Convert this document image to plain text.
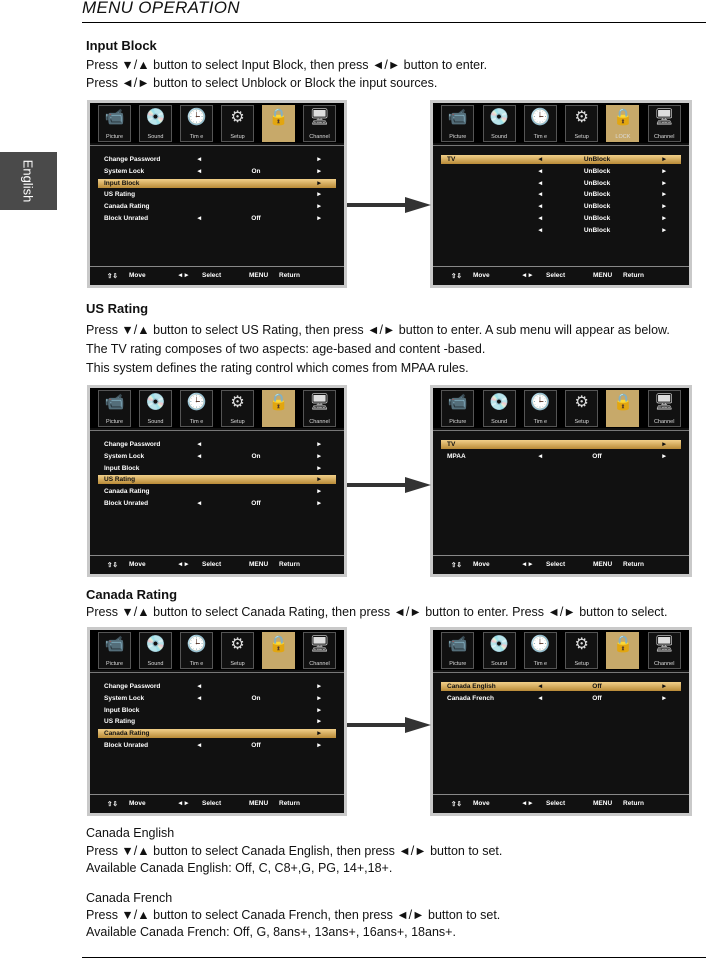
MENU OPERATION
English
Input Block
Press ▼/▲ button to select Input Block, then press ◄/► button to enter.
Press ◄/► button to select Unblock or Block the input sources.
US Rating
Press ▼/▲ button to select US Rating, then press ◄/► button to enter. A sub menu will appear as below.
The TV rating composes of two aspects: age-based and content -based.
This system defines the rating control which comes from MPAA rules.
Canada Rating
Press ▼/▲ button to select Canada Rating, then press ◄/► button to enter. Press ◄/► button to select.
Canada English
Press ▼/▲ button to select Canada English, then press ◄/► button to set.
Available Canada English: Off, C, C8+,G, PG, 14+,18+.
Canada French
Press ▼/▲ button to select Canada French, then press ◄/► button to set.
Available Canada French: Off, G, 8ans+, 13ans+, 16ans+, 18ans+.
📹
Picture
💿
Sound
🕒
Tim e
⚙
Setup
🔒 🖥
Channel
Change Password	◄	►
System Lock	◄	On	►
Input Block	►
US Rating	►
Canada Rating	►
Block Unrated	◄	Off	►
⇧⇩ Move	◄► Select	MENU Return
📹
Picture
💿
Sound
🕒
Tim e
⚙
Setup
🔒
LOCK
🖥
Channel
TV	◄	UnBlock	►
◄	UnBlock	►
◄	UnBlock	►
◄	UnBlock	►
◄	UnBlock	►
◄	UnBlock	►
◄	UnBlock	►
⇧⇩ Move	◄► Select	MENU Return
📹
Picture
💿
Sound
🕒
Tim e
⚙
Setup
🔒 🖥
Channel
Change Password	◄	►
System Lock	◄	On	►
Input Block	►
US Rating	►
Canada Rating	►
Block Unrated	◄	Off	►
⇧⇩ Move	◄► Select	MENU Return
📹
Picture
💿
Sound
🕒
Tim e
⚙
Setup
🔒 🖥
Channel
TV	►
MPAA	◄	Off	►
⇧⇩ Move	◄► Select	MENU Return
📹
Picture
💿
Sound
🕒
Tim e
⚙
Setup
🔒 🖥
Channel
Change Password	◄	►
System Lock	◄	On	►
Input Block	►
US Rating	►
Canada Rating	►
Block Unrated	◄	Off	►
⇧⇩ Move	◄► Select	MENU Return
📹
Picture
💿
Sound
🕒
Tim e
⚙
Setup
🔒 🖥
Channel
Canada English	◄	Off	►
Canada French	◄	Off	►
⇧⇩ Move	◄► Select	MENU Return
